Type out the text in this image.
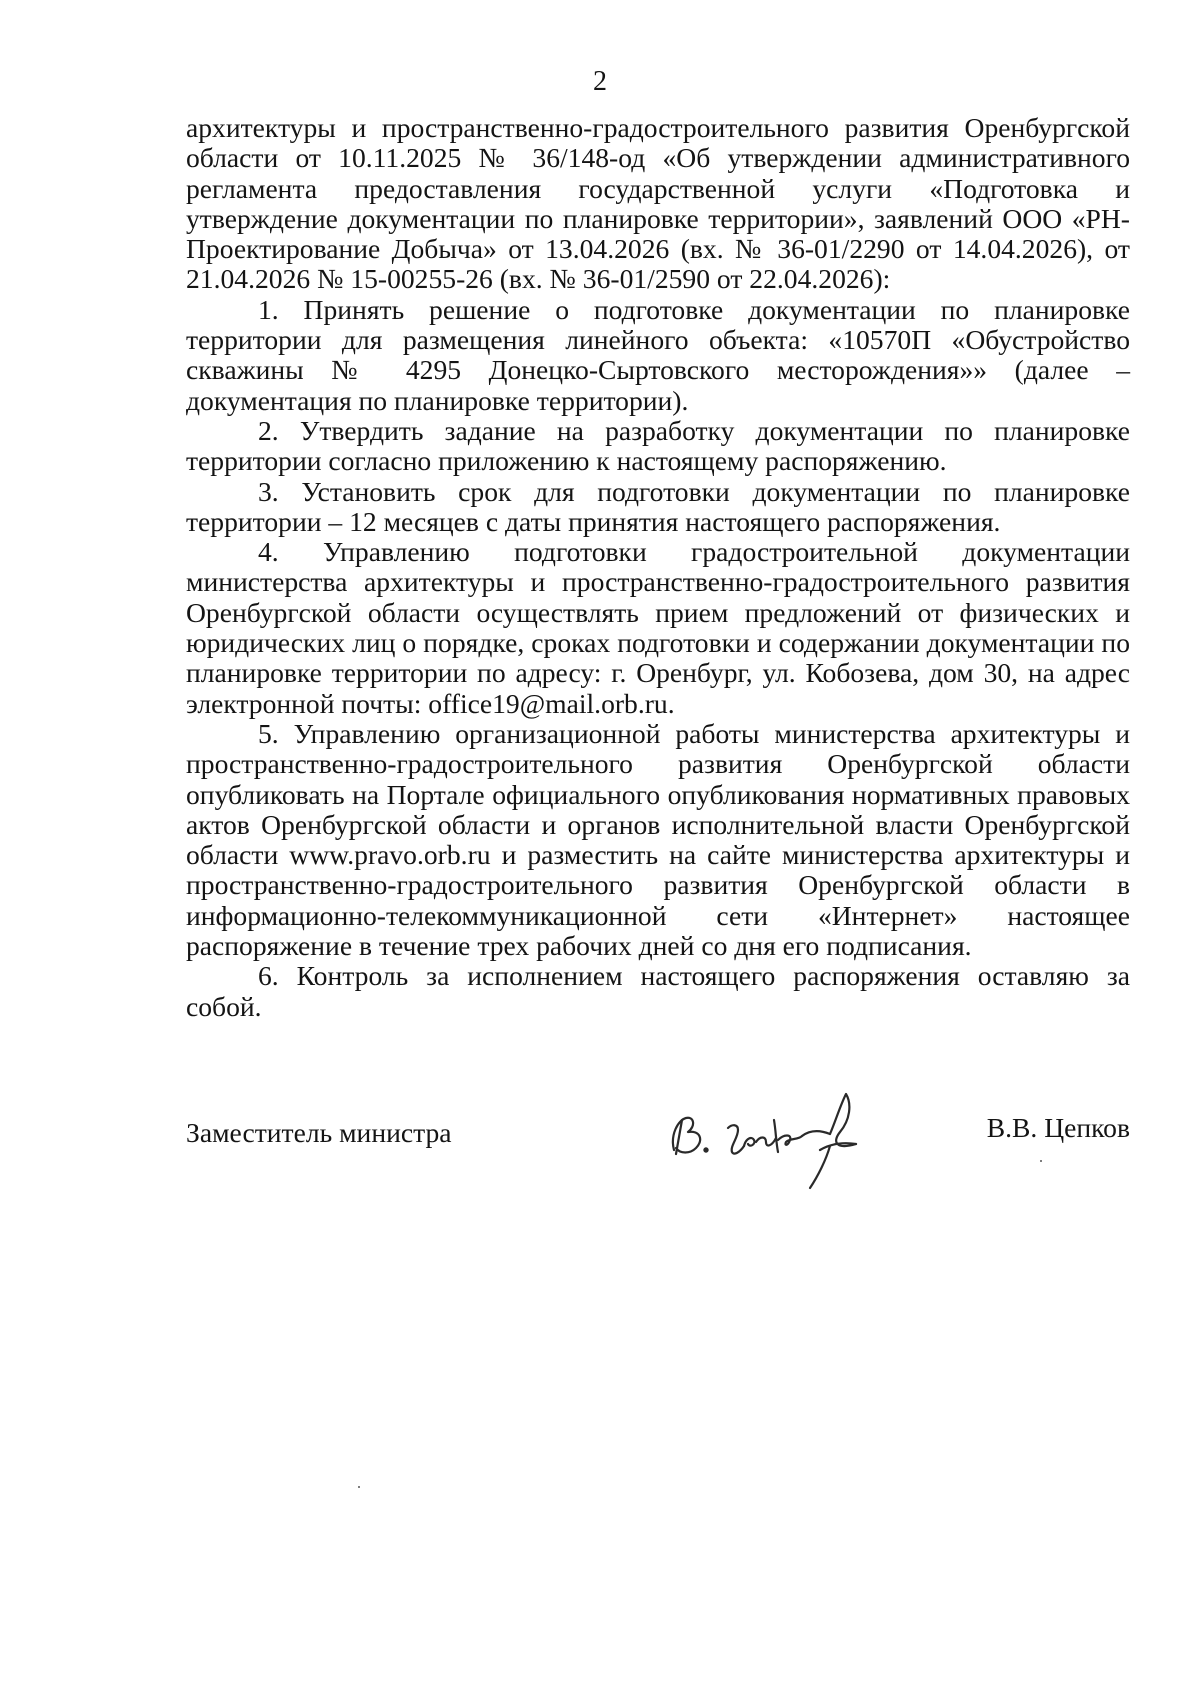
2

архитектуры и пространственно-градостроительного развития Оренбургской области от 10.11.2025 № 36/148-од «Об утверждении административного регламента предоставления государственной услуги «Подготовка и утверждение документации по планировке территории», заявлений ООО «РН-Проектирование Добыча» от 13.04.2026 (вх. № 36-01/2290 от 14.04.2026), от 21.04.2026 № 15-00255-26 (вх. № 36-01/2590 от 22.04.2026):

1. Принять решение о подготовке документации по планировке территории для размещения линейного объекта: «10570П «Обустройство скважины № 4295 Донецко-Сыртовского месторождения»» (далее – документация по планировке территории).

2. Утвердить задание на разработку документации по планировке территории согласно приложению к настоящему распоряжению.

3. Установить срок для подготовки документации по планировке территории – 12 месяцев с даты принятия настоящего распоряжения.

4. Управлению подготовки градостроительной документации министерства архитектуры и пространственно-градостроительного развития Оренбургской области осуществлять прием предложений от физических и юридических лиц о порядке, сроках подготовки и содержании документации по планировке территории по адресу: г. Оренбург, ул. Кобозева, дом 30, на адрес электронной почты: office19@mail.orb.ru.

5. Управлению организационной работы министерства архитектуры и пространственно-градостроительного развития Оренбургской области опубликовать на Портале официального опубликования нормативных правовых актов Оренбургской области и органов исполнительной власти Оренбургской области www.pravo.orb.ru и разместить на сайте министерства архитектуры и пространственно-градостроительного развития Оренбургской области в информационно-телекоммуникационной сети «Интернет» настоящее распоряжение в течение трех рабочих дней со дня его подписания.

6. Контроль за исполнением настоящего распоряжения оставляю за собой.

Заместитель министра	В.В. Цепков
